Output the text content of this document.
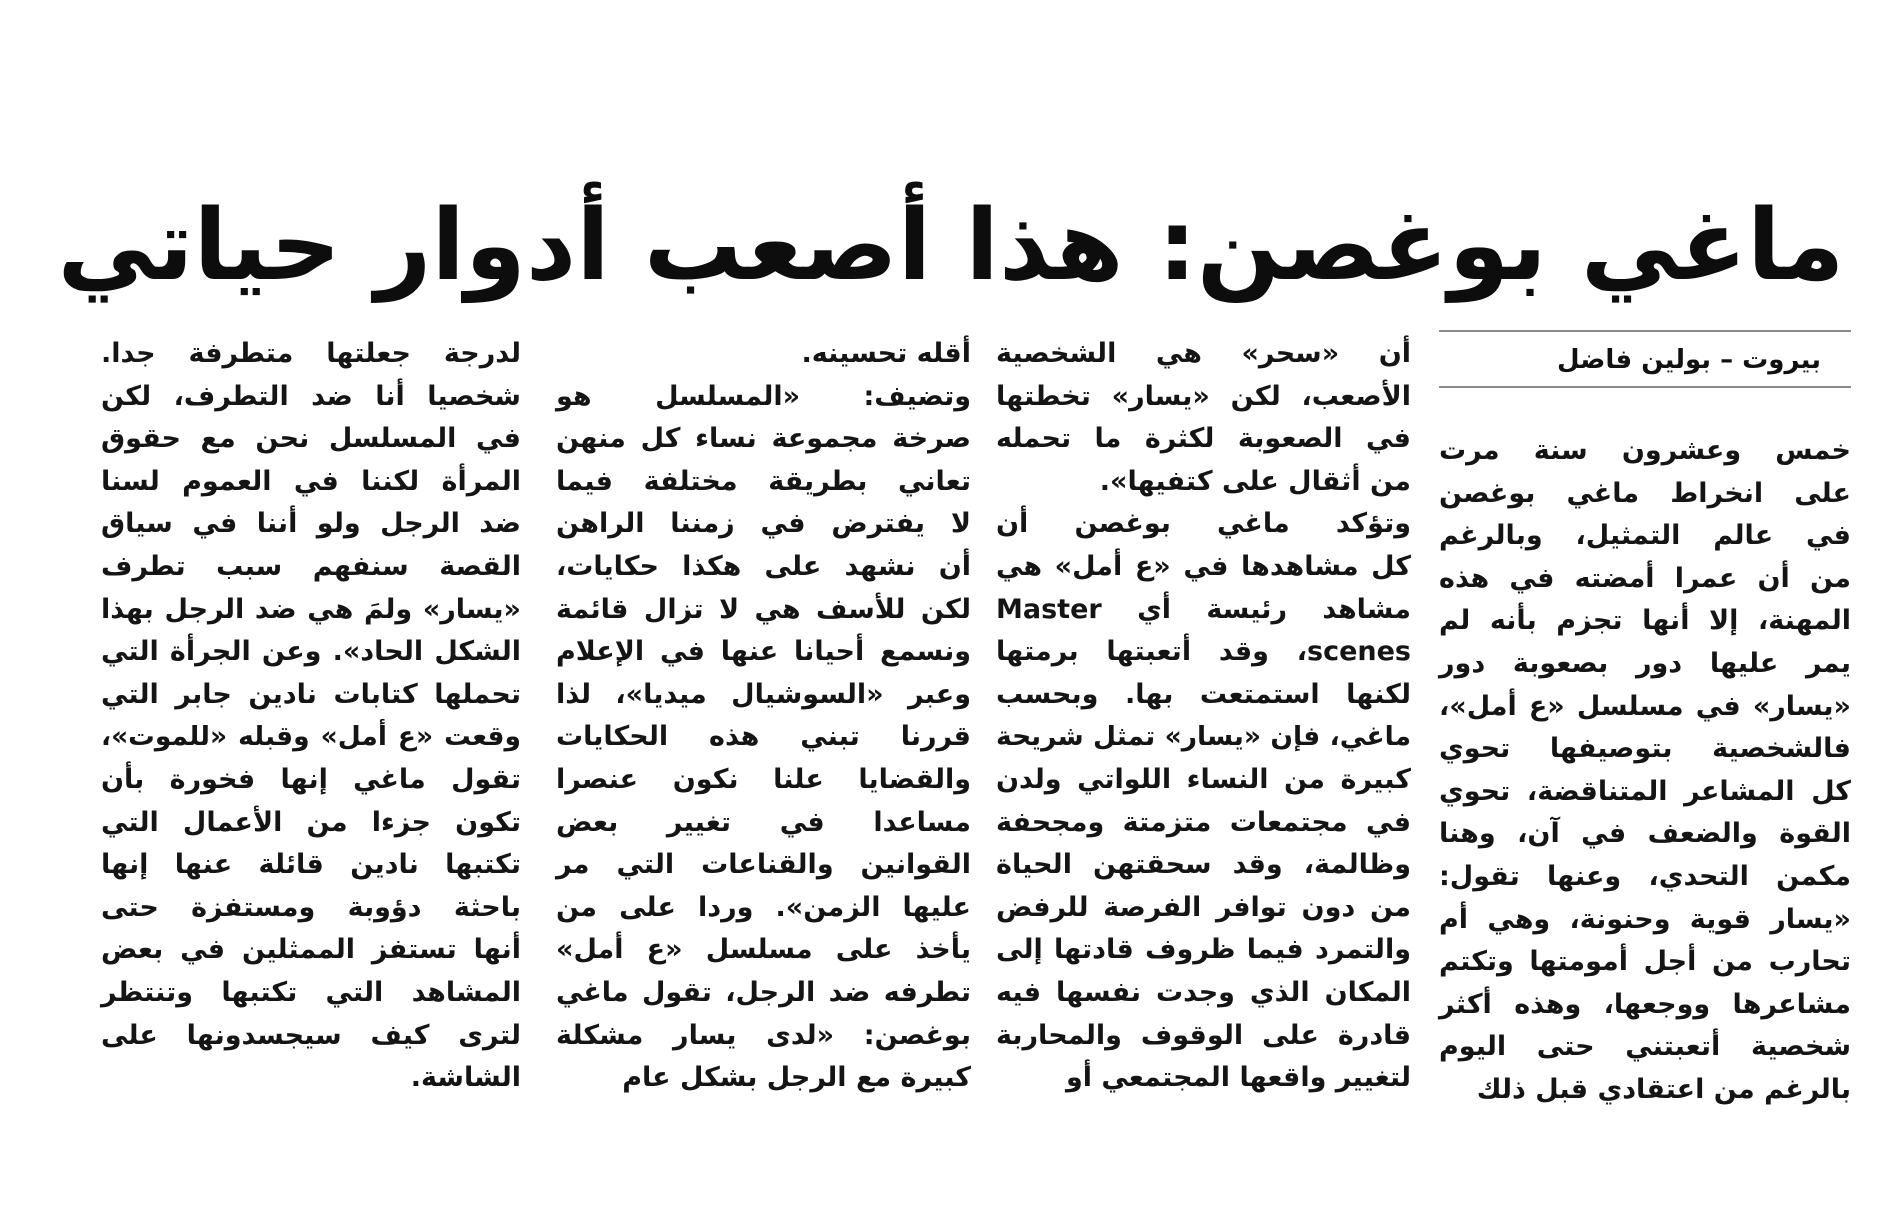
ماغي بوغصن: هذا أصعب أدوار حياتي
بيروت – بولين فاضل

خمس وعشرون سنة مرت

على انخراط ماغي بوغصن

في عالم التمثيل، وبالرغم

من أن عمرا أمضته في هذه

المهنة، إلا أنها تجزم بأنه لم

يمر عليها دور بصعوبة دور

«يسار» في مسلسل «ع أمل»،

فالشخصية بتوصيفها تحوي

كل المشاعر المتناقضة، تحوي

القوة والضعف في آن، وهنا

مكمن التحدي، وعنها تقول:

«يسار قوية وحنونة، وهي أم

تحارب من أجل أمومتها وتكتم

مشاعرها ووجعها، وهذه أكثر

شخصية أتعبتني حتى اليوم

بالرغم من اعتقادي قبل ذلك

أن «سحر» هي الشخصية

الأصعب، لكن «يسار» تخطتها

في الصعوبة لكثرة ما تحمله

من أثقال على كتفيها».

وتؤكد ماغي بوغصن أن

كل مشاهدها في «ع أمل» هي

مشاهد رئيسة أي Master

scenes، وقد أتعبتها برمتها

لكنها استمتعت بها. وبحسب

ماغي، فإن «يسار» تمثل شريحة

كبيرة من النساء اللواتي ولدن

في مجتمعات متزمتة ومجحفة

وظالمة، وقد سحقتهن الحياة

من دون توافر الفرصة للرفض

والتمرد فيما ظروف قادتها إلى

المكان الذي وجدت نفسها فيه

قادرة على الوقوف والمحاربة

لتغيير واقعها المجتمعي أو

أقله تحسينه.

وتضيف: «المسلسل هو

صرخة مجموعة نساء كل منهن

تعاني بطريقة مختلفة فيما

لا يفترض في زمننا الراهن

أن نشهد على هكذا حكايات،

لكن للأسف هي لا تزال قائمة

ونسمع أحيانا عنها في الإعلام

وعبر «السوشيال ميديا»، لذا

قررنا تبني هذه الحكايات

والقضايا علنا نكون عنصرا

مساعدا في تغيير بعض

القوانين والقناعات التي مر

عليها الزمن». وردا على من

يأخذ على مسلسل «ع أمل»

تطرفه ضد الرجل، تقول ماغي

بوغصن: «لدى يسار مشكلة

كبيرة مع الرجل بشكل عام

لدرجة جعلتها متطرفة جدا.

شخصيا أنا ضد التطرف، لكن

في المسلسل نحن مع حقوق

المرأة لكننا في العموم لسنا

ضد الرجل ولو أننا في سياق

القصة سنفهم سبب تطرف

«يسار» ولمَ هي ضد الرجل بهذا

الشكل الحاد». وعن الجرأة التي

تحملها كتابات نادين جابر التي

وقعت «ع أمل» وقبله «للموت»،

تقول ماغي إنها فخورة بأن

تكون جزءا من الأعمال التي

تكتبها نادين قائلة عنها إنها

باحثة دؤوبة ومستفزة حتى

أنها تستفز الممثلين في بعض

المشاهد التي تكتبها وتنتظر

لترى كيف سيجسدونها على

الشاشة.
